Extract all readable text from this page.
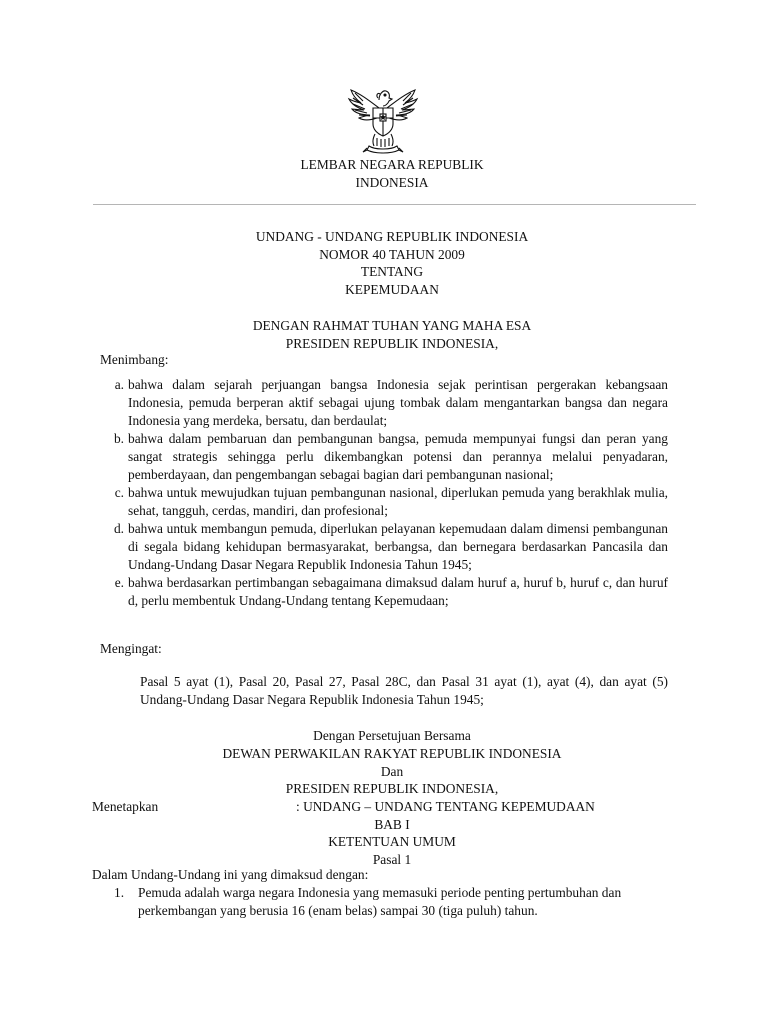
LEMBAR NEGARA REPUBLIK

INDONESIA

UNDANG - UNDANG REPUBLIK INDONESIA

NOMOR 40 TAHUN 2009

TENTANG

KEPEMUDAAN

DENGAN RAHMAT TUHAN YANG MAHA ESA

PRESIDEN REPUBLIK INDONESIA,

Menimbang:

a. bahwa dalam sejarah perjuangan bangsa Indonesia sejak perintisan pergerakan kebangsaan Indonesia, pemuda berperan aktif sebagai ujung tombak dalam mengantarkan bangsa dan negara Indonesia yang merdeka, bersatu, dan berdaulat;
b. bahwa dalam pembaruan dan pembangunan bangsa, pemuda mempunyai fungsi dan peran yang sangat strategis sehingga perlu dikembangkan potensi dan perannya melalui penyadaran, pemberdayaan, dan pengembangan sebagai bagian dari pembangunan nasional;
c. bahwa untuk mewujudkan tujuan pembangunan nasional, diperlukan pemuda yang berakhlak mulia, sehat, tangguh, cerdas, mandiri, dan profesional;
d. bahwa untuk membangun pemuda, diperlukan pelayanan kepemudaan dalam dimensi pembangunan di segala bidang kehidupan bermasyarakat, berbangsa, dan bernegara berdasarkan Pancasila dan Undang-Undang Dasar Negara Republik Indonesia Tahun 1945;
e. bahwa berdasarkan pertimbangan sebagaimana dimaksud dalam huruf a, huruf b, huruf c, dan huruf d, perlu membentuk Undang-Undang tentang Kepemudaan;

Mengingat:

Pasal 5 ayat (1), Pasal 20, Pasal 27, Pasal 28C, dan Pasal 31 ayat (1), ayat (4), dan ayat (5) Undang-Undang Dasar Negara Republik Indonesia Tahun 1945;

Dengan Persetujuan Bersama

DEWAN PERWAKILAN RAKYAT REPUBLIK INDONESIA

Dan

PRESIDEN REPUBLIK INDONESIA,

Menetapkan	: UNDANG – UNDANG TENTANG KEPEMUDAAN

BAB I

KETENTUAN UMUM

Pasal 1

Dalam Undang-Undang ini yang dimaksud dengan:

1. Pemuda adalah warga negara Indonesia yang memasuki periode penting pertumbuhan dan
perkembangan yang berusia 16 (enam belas) sampai 30 (tiga puluh) tahun.
